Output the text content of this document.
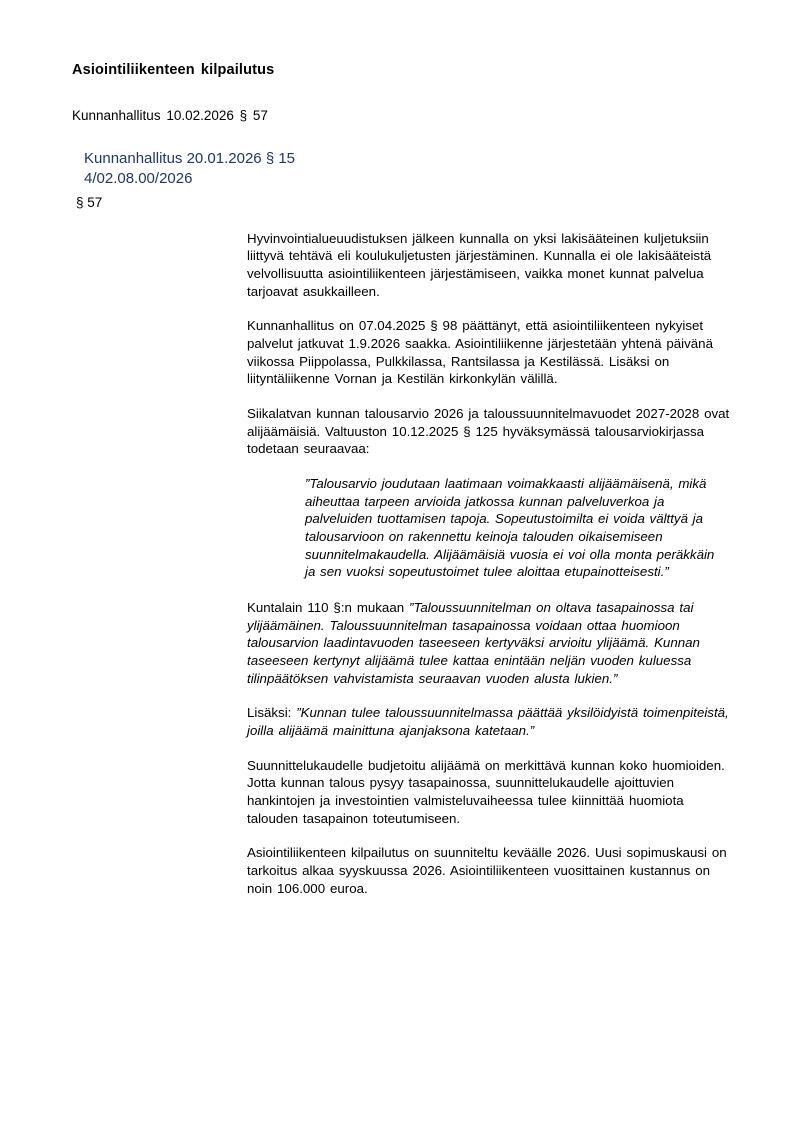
Asiointiliikenteen kilpailutus
Kunnanhallitus 10.02.2026 § 57
Kunnanhallitus 20.01.2026 § 15
4/02.08.00/2026
§ 57

Hyvinvointialueuudistuksen jälkeen kunnalla on yksi lakisääteinen kuljetuksiin liittyvä tehtävä eli koulukuljetusten järjestäminen. Kunnalla ei ole lakisääteistä velvollisuutta asiointiliikenteen järjestämiseen, vaikka monet kunnat palvelua tarjoavat asukkailleen.

Kunnanhallitus on 07.04.2025 § 98 päättänyt, että asiointiliikenteen nykyiset palvelut jatkuvat 1.9.2026 saakka. Asiointiliikenne järjestetään yhtenä päivänä viikossa Piippolassa, Pulkkilassa, Rantsilassa ja Kestilässä. Lisäksi on liityntäliikenne Vornan ja Kestilän kirkonkylän välillä.

Siikalatvan kunnan talousarvio 2026 ja taloussuunnitelmavuodet 2027-2028 ovat alijäämäisiä. Valtuuston 10.12.2025 § 125 hyväksymässä talousarviokirjassa todetaan seuraavaa:

”Talousarvio joudutaan laatimaan voimakkaasti alijäämäisenä, mikä aiheuttaa tarpeen arvioida jatkossa kunnan palveluverkoa ja palveluiden tuottamisen tapoja. Sopeutustoimilta ei voida välttyä ja talousarvioon on rakennettu keinoja talouden oikaisemiseen suunnitelmakaudella. Alijäämäisiä vuosia ei voi olla monta peräkkäin ja sen vuoksi sopeutustoimet tulee aloittaa etupainotteisesti.”

Kuntalain 110 §:n mukaan ”Taloussuunnitelman on oltava tasapainossa tai ylijäämäinen. Taloussuunnitelman tasapainossa voidaan ottaa huomioon talousarvion laadintavuoden taseeseen kertyväksi arvioitu ylijäämä. Kunnan taseeseen kertynyt alijäämä tulee kattaa enintään neljän vuoden kuluessa tilinpäätöksen vahvistamista seuraavan vuoden alusta lukien.”

Lisäksi: ”Kunnan tulee taloussuunnitelmassa päättää yksilöidyistä toimenpiteistä, joilla alijäämä mainittuna ajanjaksona katetaan.”

Suunnittelukaudelle budjetoitu alijäämä on merkittävä kunnan koko huomioiden. Jotta kunnan talous pysyy tasapainossa, suunnittelukaudelle ajoittuvien hankintojen ja investointien valmisteluvaiheessa tulee kiinnittää huomiota talouden tasapainon toteutumiseen.

Asiointiliikenteen kilpailutus on suunniteltu keväälle 2026. Uusi sopimuskausi on tarkoitus alkaa syyskuussa 2026. Asiointiliikenteen vuosittainen kustannus on noin 106.000 euroa.
